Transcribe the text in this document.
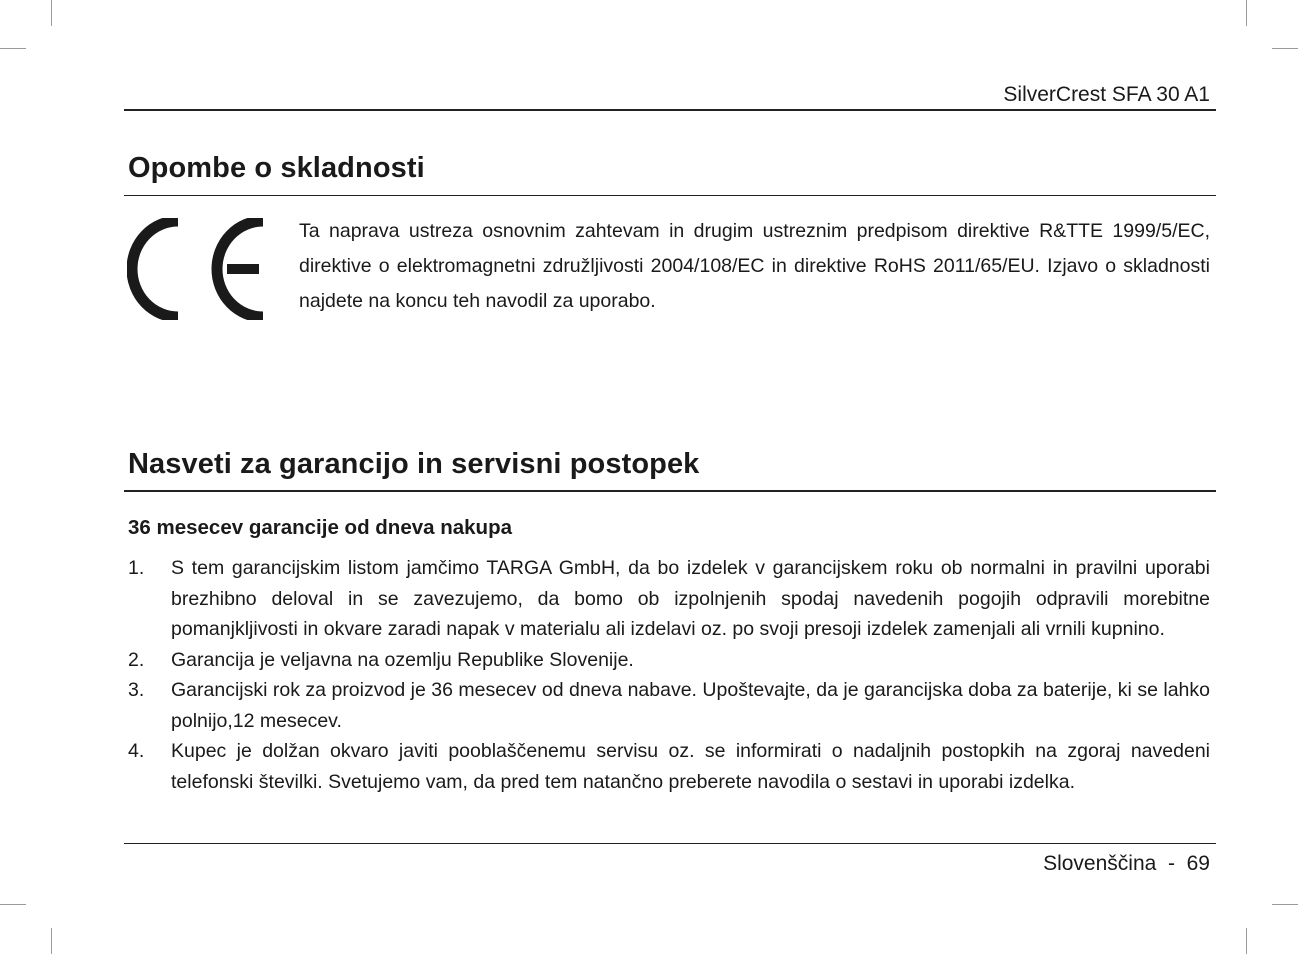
SilverCrest SFA 30 A1
Opombe o skladnosti

Ta naprava ustreza osnovnim zahtevam in drugim ustreznim predpisom direktive R&TTE 1999/5/EC, direktive o elektromagnetni združljivosti 2004/108/EC in direktive RoHS 2011/65/EU. Izjavo o skladnosti najdete na koncu teh navodil za uporabo.

Nasveti za garancijo in servisni postopek
36 mesecev garancije od dneva nakupa
1. S tem garancijskim listom jamčimo TARGA GmbH, da bo izdelek v garancijskem roku ob normalni in pravilni uporabi brezhibno deloval in se zavezujemo, da bomo ob izpolnjenih spodaj navedenih pogojih odpravili morebitne pomanjkljivosti in okvare zaradi napak v materialu ali izdelavi oz. po svoji presoji izdelek zamenjali ali vrnili kupnino.
2. Garancija je veljavna na ozemlju Republike Slovenije.
3. Garancijski rok za proizvod je 36 mesecev od dneva nabave. Upoštevajte, da je garancijska doba za baterije, ki se lahko polnijo,12 mesecev.
4. Kupec je dolžan okvaro javiti pooblaščenemu servisu oz. se informirati o nadaljnih postopkih na zgoraj navedeni telefonski številki. Svetujemo vam, da pred tem natančno preberete navodila o sestavi in uporabi izdelka.
Slovenščina  -  69
